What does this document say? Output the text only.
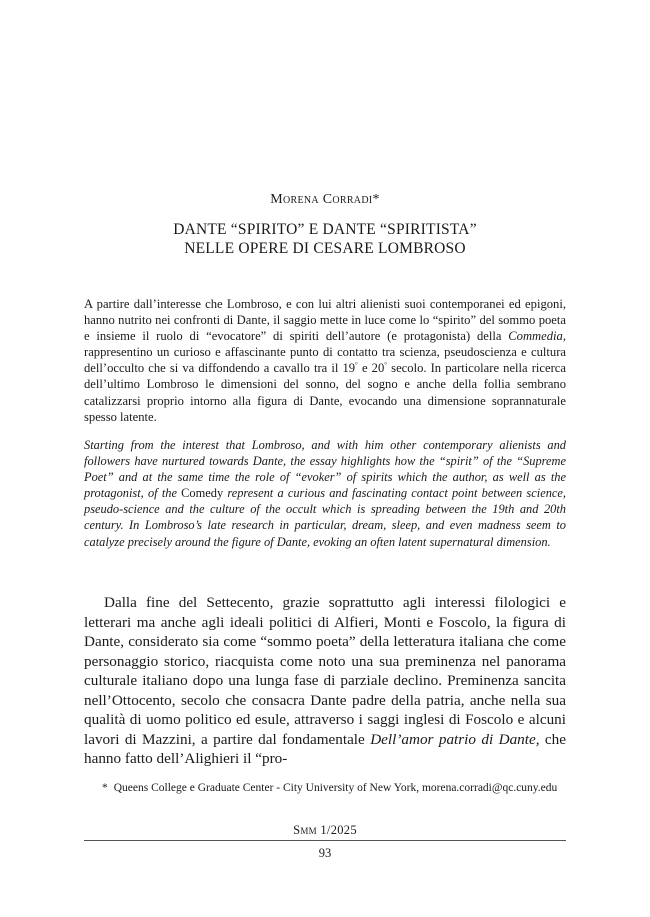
Morena Corradi*
DANTE “SPIRITO” E DANTE “SPIRITISTA”
NELLE OPERE DI CESARE LOMBROSO

A partire dall’interesse che Lombroso, e con lui altri alienisti suoi contemporanei ed epigoni, hanno nutrito nei confronti di Dante, il saggio mette in luce come lo “spirito” del sommo poeta e insieme il ruolo di “evocatore” di spiriti dell’autore (e protagonista) della Commedia, rappresentino un curioso e affascinante punto di contatto tra scienza, pseudoscienza e cultura dell’occulto che si va diffondendo a cavallo tra il 19° e 20° secolo. In particolare nella ricerca dell’ultimo Lombroso le dimensioni del sonno, del sogno e anche della follia sembrano catalizzarsi proprio intorno alla figura di Dante, evocando una dimensione soprannaturale spesso latente.

Starting from the interest that Lombroso, and with him other contemporary alienists and followers have nurtured towards Dante, the essay highlights how the “spirit” of the “Supreme Poet” and at the same time the role of “evoker” of spirits which the author, as well as the protagonist, of the Comedy represent a curious and fascinating contact point between science, pseudo-science and the culture of the occult which is spreading between the 19th and 20th century. In Lombroso’s late research in particular, dream, sleep, and even madness seem to catalyze precisely around the figure of Dante, evoking an often latent supernatural dimension.

Dalla fine del Settecento, grazie soprattutto agli interessi filologici e letterari ma anche agli ideali politici di Alfieri, Monti e Foscolo, la figura di Dante, considerato sia come “sommo poeta” della letteratura italiana che come personaggio storico, riacquista come noto una sua preminenza nel panorama culturale italiano dopo una lunga fase di parziale declino. Preminenza sancita nell’Ottocento, secolo che consacra Dante padre della patria, anche nella sua qualità di uomo politico ed esule, attraverso i saggi inglesi di Foscolo e alcuni lavori di Mazzini, a partire dal fondamentale Dell’amor patrio di Dante, che hanno fatto dell’Alighieri il “pro-

* Queens College e Graduate Center - City University of New York, morena.corradi@qc.cuny.edu

Smm 1/2025
93
